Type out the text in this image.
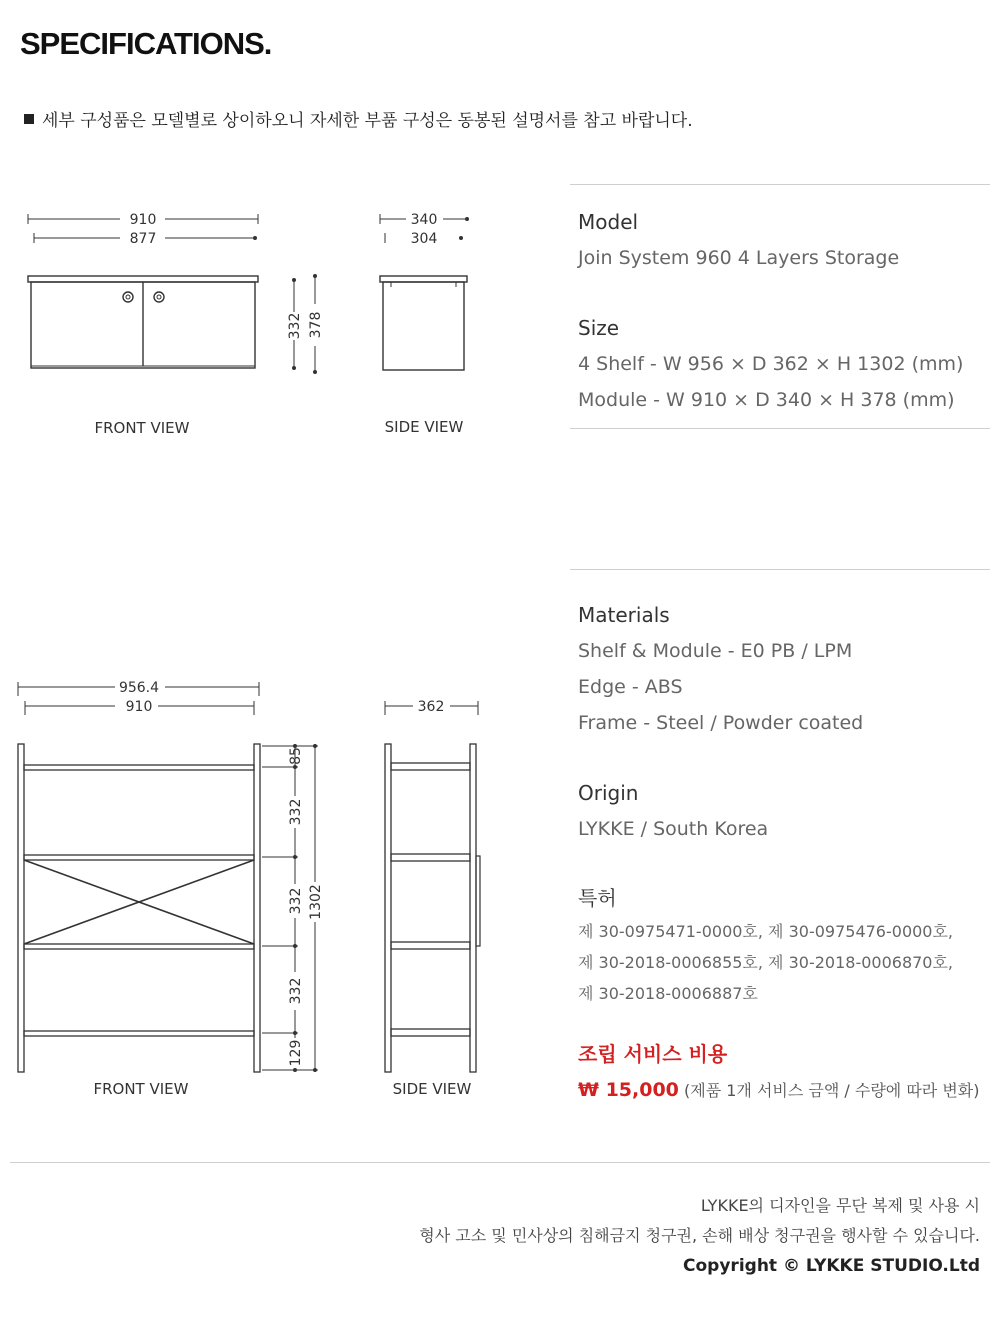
SPECIFICATIONS.
세부 구성품은 모델별로 상이하오니 자세한 부품 구성은 동봉된 설명서를 참고 바랍니다.
910
877
332 378
340
304
FRONT VIEW	SIDE VIEW
956.4
910
85
332
332
332
129
1302
362
FRONT VIEW	SIDE VIEW
Model
Join System 960 4 Layers Storage
Size
4 Shelf - W 956 × D 362 × H 1302 (mm)
Module - W 910 × D 340 × H 378 (mm)
Materials
Shelf & Module - E0 PB / LPM
Edge - ABS
Frame - Steel / Powder coated
Origin
LYKKE / South Korea
특허
제 30-0975471-0000호, 제 30-0975476-0000호,
제 30-2018-0006855호, 제 30-2018-0006870호,
제 30-2018-0006887호
조립 서비스 비용
₩ 15,000 (제품 1개 서비스 금액 / 수량에 따라 변화)
LYKKE의 디자인을 무단 복제 및 사용 시
형사 고소 및 민사상의 침해금지 청구권, 손해 배상 청구권을 행사할 수 있습니다.
Copyright © LYKKE STUDIO.Ltd
